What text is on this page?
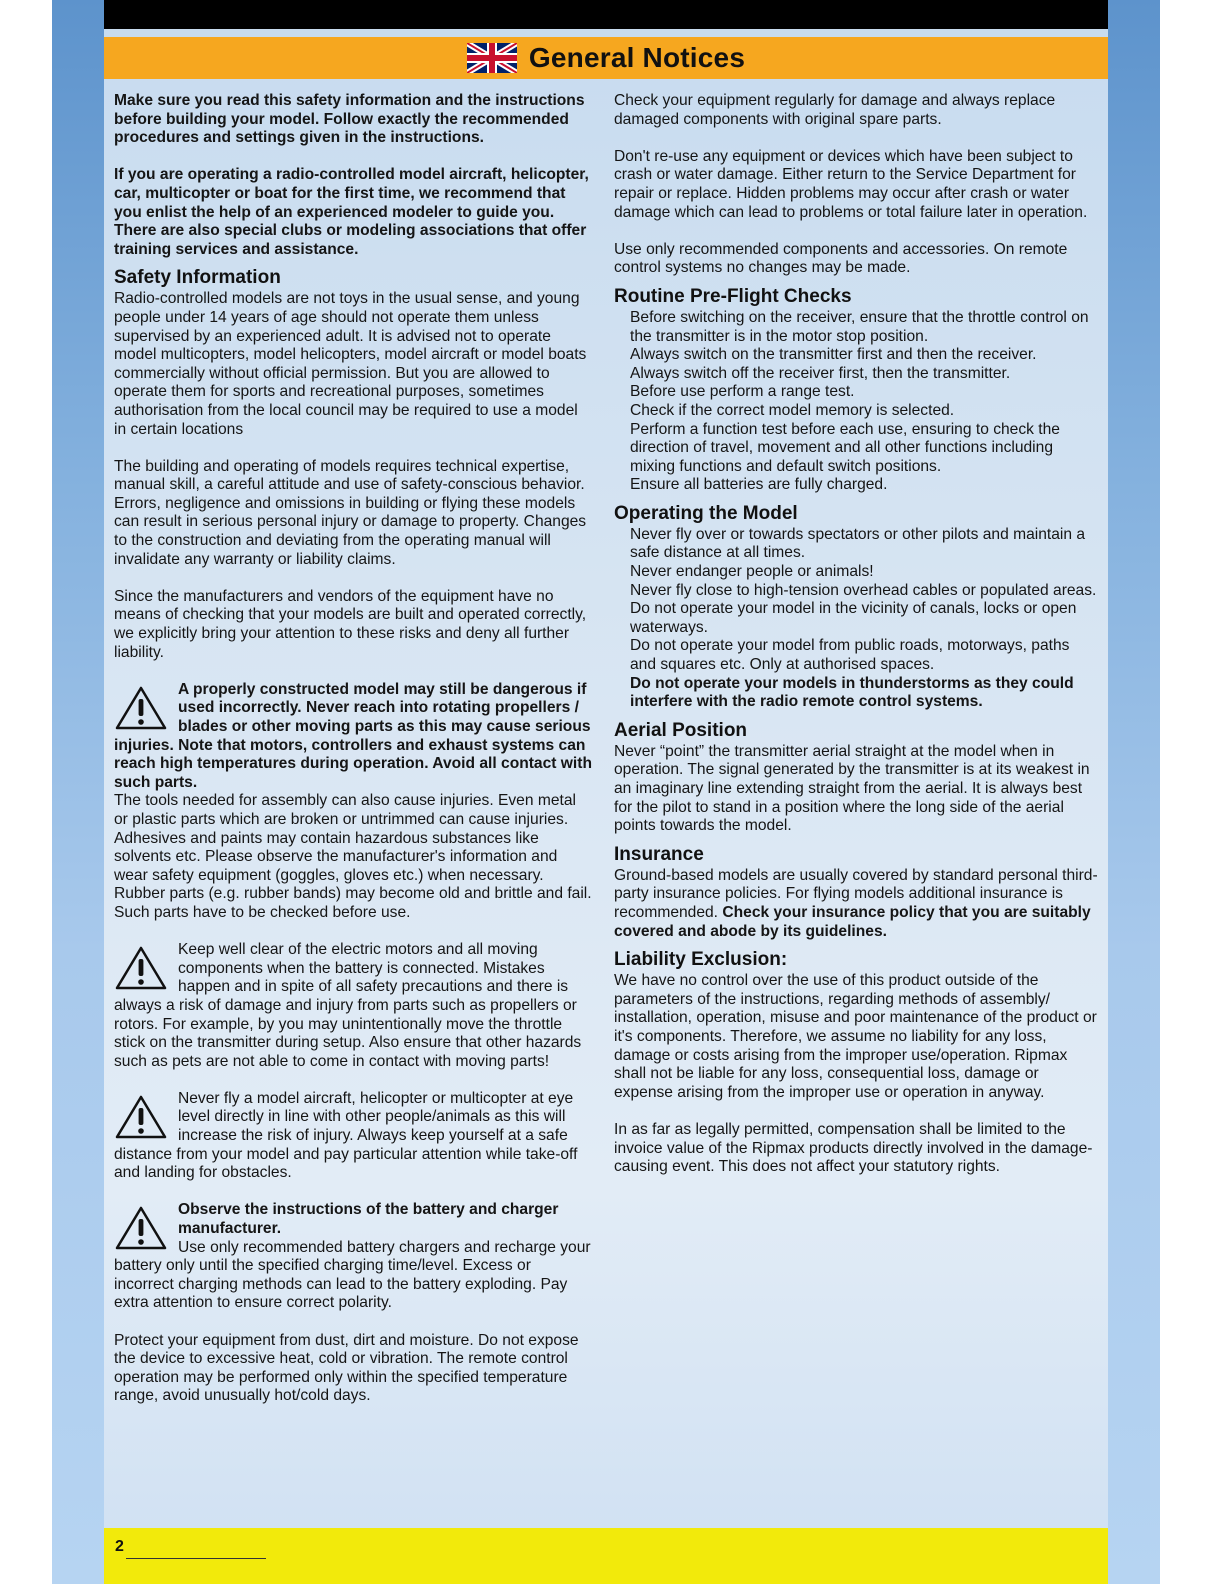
General Notices

Make sure you read this safety information and the instructions before building your model. Follow exactly the recommended procedures and settings given in the instructions.

If you are operating a radio-controlled model aircraft, helicopter, car, multicopter or boat for the first time, we recommend that you enlist the help of an experienced modeler to guide you. There are also special clubs or modeling associations that offer training services and assistance.

Safety Information

Radio-controlled models are not toys in the usual sense, and young people under 14 years of age should not operate them unless supervised by an experienced adult. It is advised not to operate model multicopters, model helicopters, model aircraft or model boats commercially without official permission. But you are allowed to operate them for sports and recreational purposes, sometimes authorisation from the local council may be required to use a model in certain locations

The building and operating of models requires technical expertise, manual skill, a careful attitude and use of safety-conscious behavior. Errors, negligence and omissions in building or flying these models can result in serious personal injury or damage to property. Changes to the construction and deviating from the operating manual will invalidate any warranty or liability claims.

Since the manufacturers and vendors of the equipment have no means of checking that your models are built and operated correctly, we explicitly bring your attention to these risks and deny all further liability.

A properly constructed model may still be dangerous if used incorrectly. Never reach into rotating propellers / blades or other moving parts as this may cause serious injuries. Note that motors, controllers and exhaust systems can reach high temperatures during operation. Avoid all contact with such parts.

The tools needed for assembly can also cause injuries. Even metal or plastic parts which are broken or untrimmed can cause injuries. Adhesives and paints may contain hazardous substances like solvents etc. Please observe the manufacturer's information and wear safety equipment (goggles, gloves etc.) when necessary. Rubber parts (e.g. rubber bands) may become old and brittle and fail. Such parts have to be checked before use.

Keep well clear of the electric motors and all moving components when the battery is connected. Mistakes happen and in spite of all safety precautions and there is always a risk of damage and injury from parts such as propellers or rotors. For example, by you may unintentionally move the throttle stick on the transmitter during setup. Also ensure that other hazards such as pets are not able to come in contact with moving parts!

Never fly a model aircraft, helicopter or multicopter at eye level directly in line with other people/animals as this will increase the risk of injury. Always keep yourself at a safe distance from your model and pay particular attention while take-off and landing for obstacles.

Observe the instructions of the battery and charger manufacturer.

Use only recommended battery chargers and recharge your battery only until the specified charging time/level. Excess or incorrect charging methods can lead to the battery exploding. Pay extra attention to ensure correct polarity.

Protect your equipment from dust, dirt and moisture. Do not expose the device to excessive heat, cold or vibration. The remote control operation may be performed only within the specified temperature range, avoid unusually hot/cold days.

Check your equipment regularly for damage and always replace damaged components with original spare parts.

Don't re-use any equipment or devices which have been subject to crash or water damage. Either return to the Service Department for repair or replace. Hidden problems may occur after crash or water damage which can lead to problems or total failure later in operation.

Use only recommended components and accessories. On remote control systems no changes may be made.

Routine Pre-Flight Checks
Before switching on the receiver, ensure that the throttle control on the transmitter is in the motor stop position.
Always switch on the transmitter first and then the receiver.
Always switch off the receiver first, then the transmitter.
Before use perform a range test.
Check if the correct model memory is selected.
Perform a function test before each use, ensuring to check the direction of travel, movement and all other functions including mixing functions and default switch positions.
Ensure all batteries are fully charged.
Operating the Model
Never fly over or towards spectators or other pilots and maintain a safe distance at all times.
Never endanger people or animals!
Never fly close to high-tension overhead cables or populated areas.
Do not operate your model in the vicinity of canals, locks or open waterways.
Do not operate your model from public roads, motorways, paths and squares etc. Only at authorised spaces.
Do not operate your models in thunderstorms as they could interfere with the radio remote control systems.
Aerial Position

Never “point” the transmitter aerial straight at the model when in operation. The signal generated by the transmitter is at its weakest in an imaginary line extending straight from the aerial. It is always best for the pilot to stand in a position where the long side of the aerial points towards the model.

Insurance

Ground-based models are usually covered by standard personal third-party insurance policies. For flying models additional insurance is recommended. Check your insurance policy that you are suitably covered and abode by its guidelines.

Liability Exclusion:

We have no control over the use of this product outside of the parameters of the instructions, regarding methods of assembly/ installation, operation, misuse and poor maintenance of the product or it's components. Therefore, we assume no liability for any loss, damage or costs arising from the improper use/operation. Ripmax shall not be liable for any loss, consequential loss, damage or expense arising from the improper use or operation in anyway.

In as far as legally permitted, compensation shall be limited to the invoice value of the Ripmax products directly involved in the damage-causing event. This does not affect your statutory rights.

2
